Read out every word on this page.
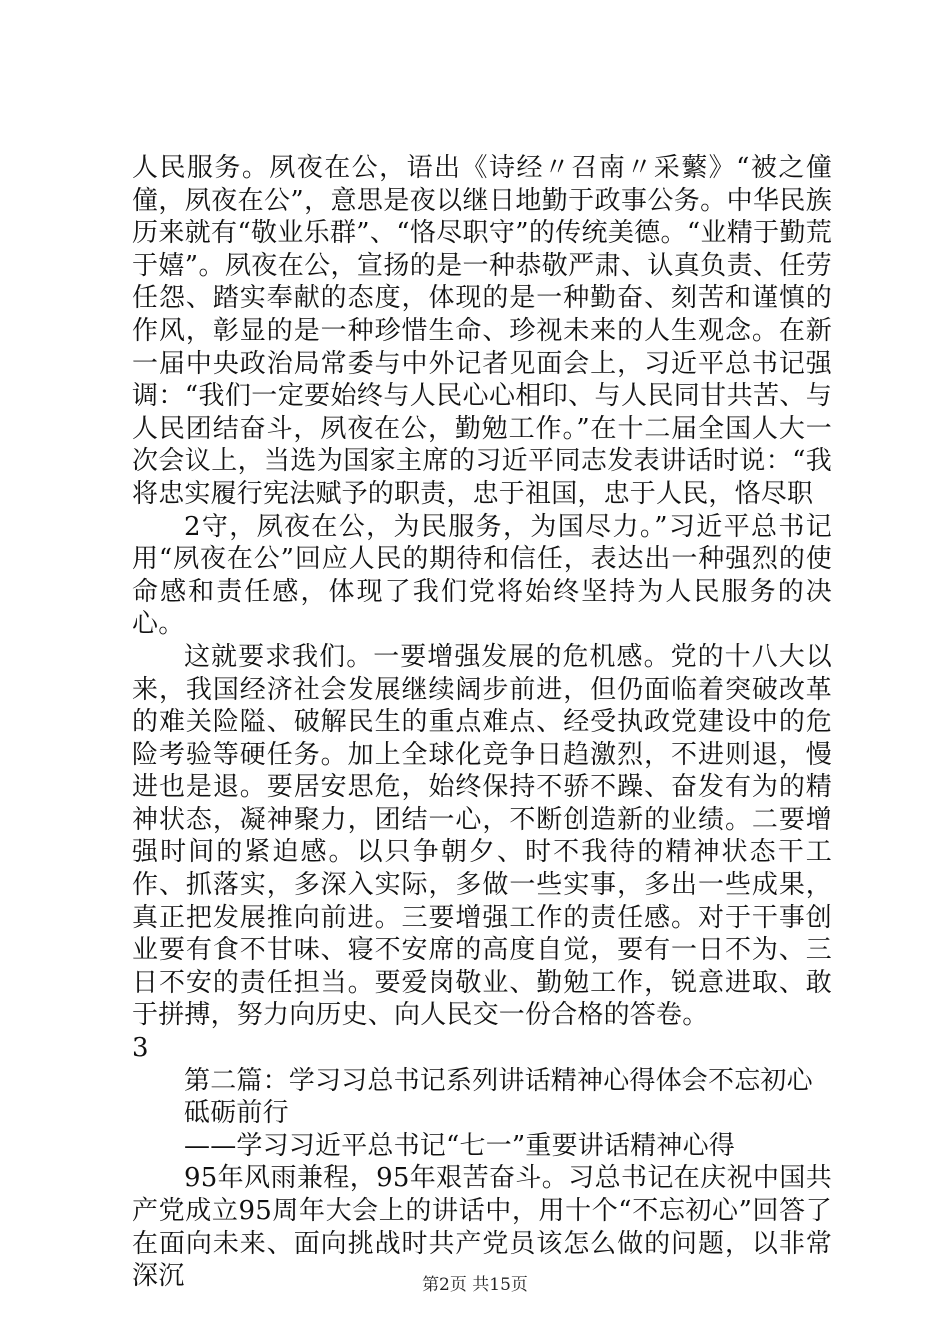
人民服务。夙夜在公，语出《诗经〃召南〃采蘩》“被之僮僮，夙夜在公”，意思是夜以继日地勤于政事公务。中华民族历来就有“敬业乐群”、“恪尽职守”的传统美德。“业精于勤荒于嬉”。夙夜在公，宣扬的是一种恭敬严肃、认真负责、任劳任怨、踏实奉献的态度，体现的是一种勤奋、刻苦和谨慎的作风，彰显的是一种珍惜生命、珍视未来的人生观念。在新一届中央政治局常委与中外记者见面会上，习近平总书记强调：“我们一定要始终与人民心心相印、与人民同甘共苦、与人民团结奋斗，夙夜在公，勤勉工作。”在十二届全国人大一次会议上，当选为国家主席的习近平同志发表讲话时说：“我将忠实履行宪法赋予的职责，忠于祖国，忠于人民，恪尽职

2守，夙夜在公，为民服务，为国尽力。”习近平总书记用“夙夜在公”回应人民的期待和信任，表达出一种强烈的使命感和责任感，体现了我们党将始终坚持为人民服务的决心。

这就要求我们。一要增强发展的危机感。党的十八大以来，我国经济社会发展继续阔步前进，但仍面临着突破改革的难关险隘、破解民生的重点难点、经受执政党建设中的危险考验等硬任务。加上全球化竞争日趋激烈，不进则退，慢进也是退。要居安思危，始终保持不骄不躁、奋发有为的精神状态，凝神聚力，团结一心，不断创造新的业绩。二要增强时间的紧迫感。以只争朝夕、时不我待的精神状态干工作、抓落实，多深入实际，多做一些实事，多出一些成果，真正把发展推向前进。三要增强工作的责任感。对于干事创业要有食不甘味、寝不安席的高度自觉，要有一日不为、三日不安的责任担当。要爱岗敬业、勤勉工作，锐意进取、敢于拼搏，努力向历史、向人民交一份合格的答卷。

3

第二篇：学习习总书记系列讲话精神心得体会不忘初心

砥砺前行

——学习习近平总书记“七一”重要讲话精神心得

95年风雨兼程，95年艰苦奋斗。习总书记在庆祝中国共产党成立95周年大会上的讲话中，用十个“不忘初心”回答了在面向未来、面向挑战时共产党员该怎么做的问题，以非常深沉	第2页 共15页
